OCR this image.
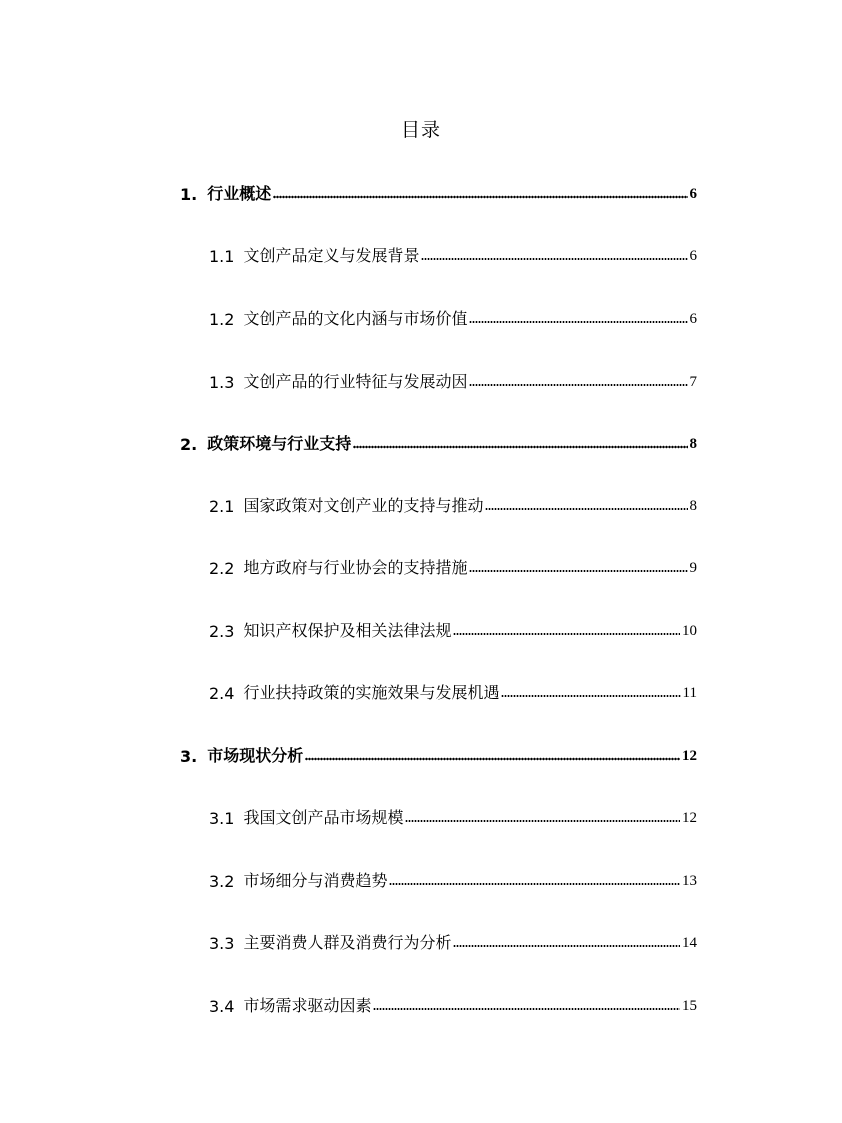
目录
1. 行业概述	6
1.1 文创产品定义与发展背景	6
1.2 文创产品的文化内涵与市场价值	6
1.3 文创产品的行业特征与发展动因	7
2. 政策环境与行业支持	8
2.1 国家政策对文创产业的支持与推动	8
2.2 地方政府与行业协会的支持措施	9
2.3 知识产权保护及相关法律法规	10
2.4 行业扶持政策的实施效果与发展机遇	11
3. 市场现状分析	12
3.1 我国文创产品市场规模	12
3.2 市场细分与消费趋势	13
3.3 主要消费人群及消费行为分析	14
3.4 市场需求驱动因素	15
